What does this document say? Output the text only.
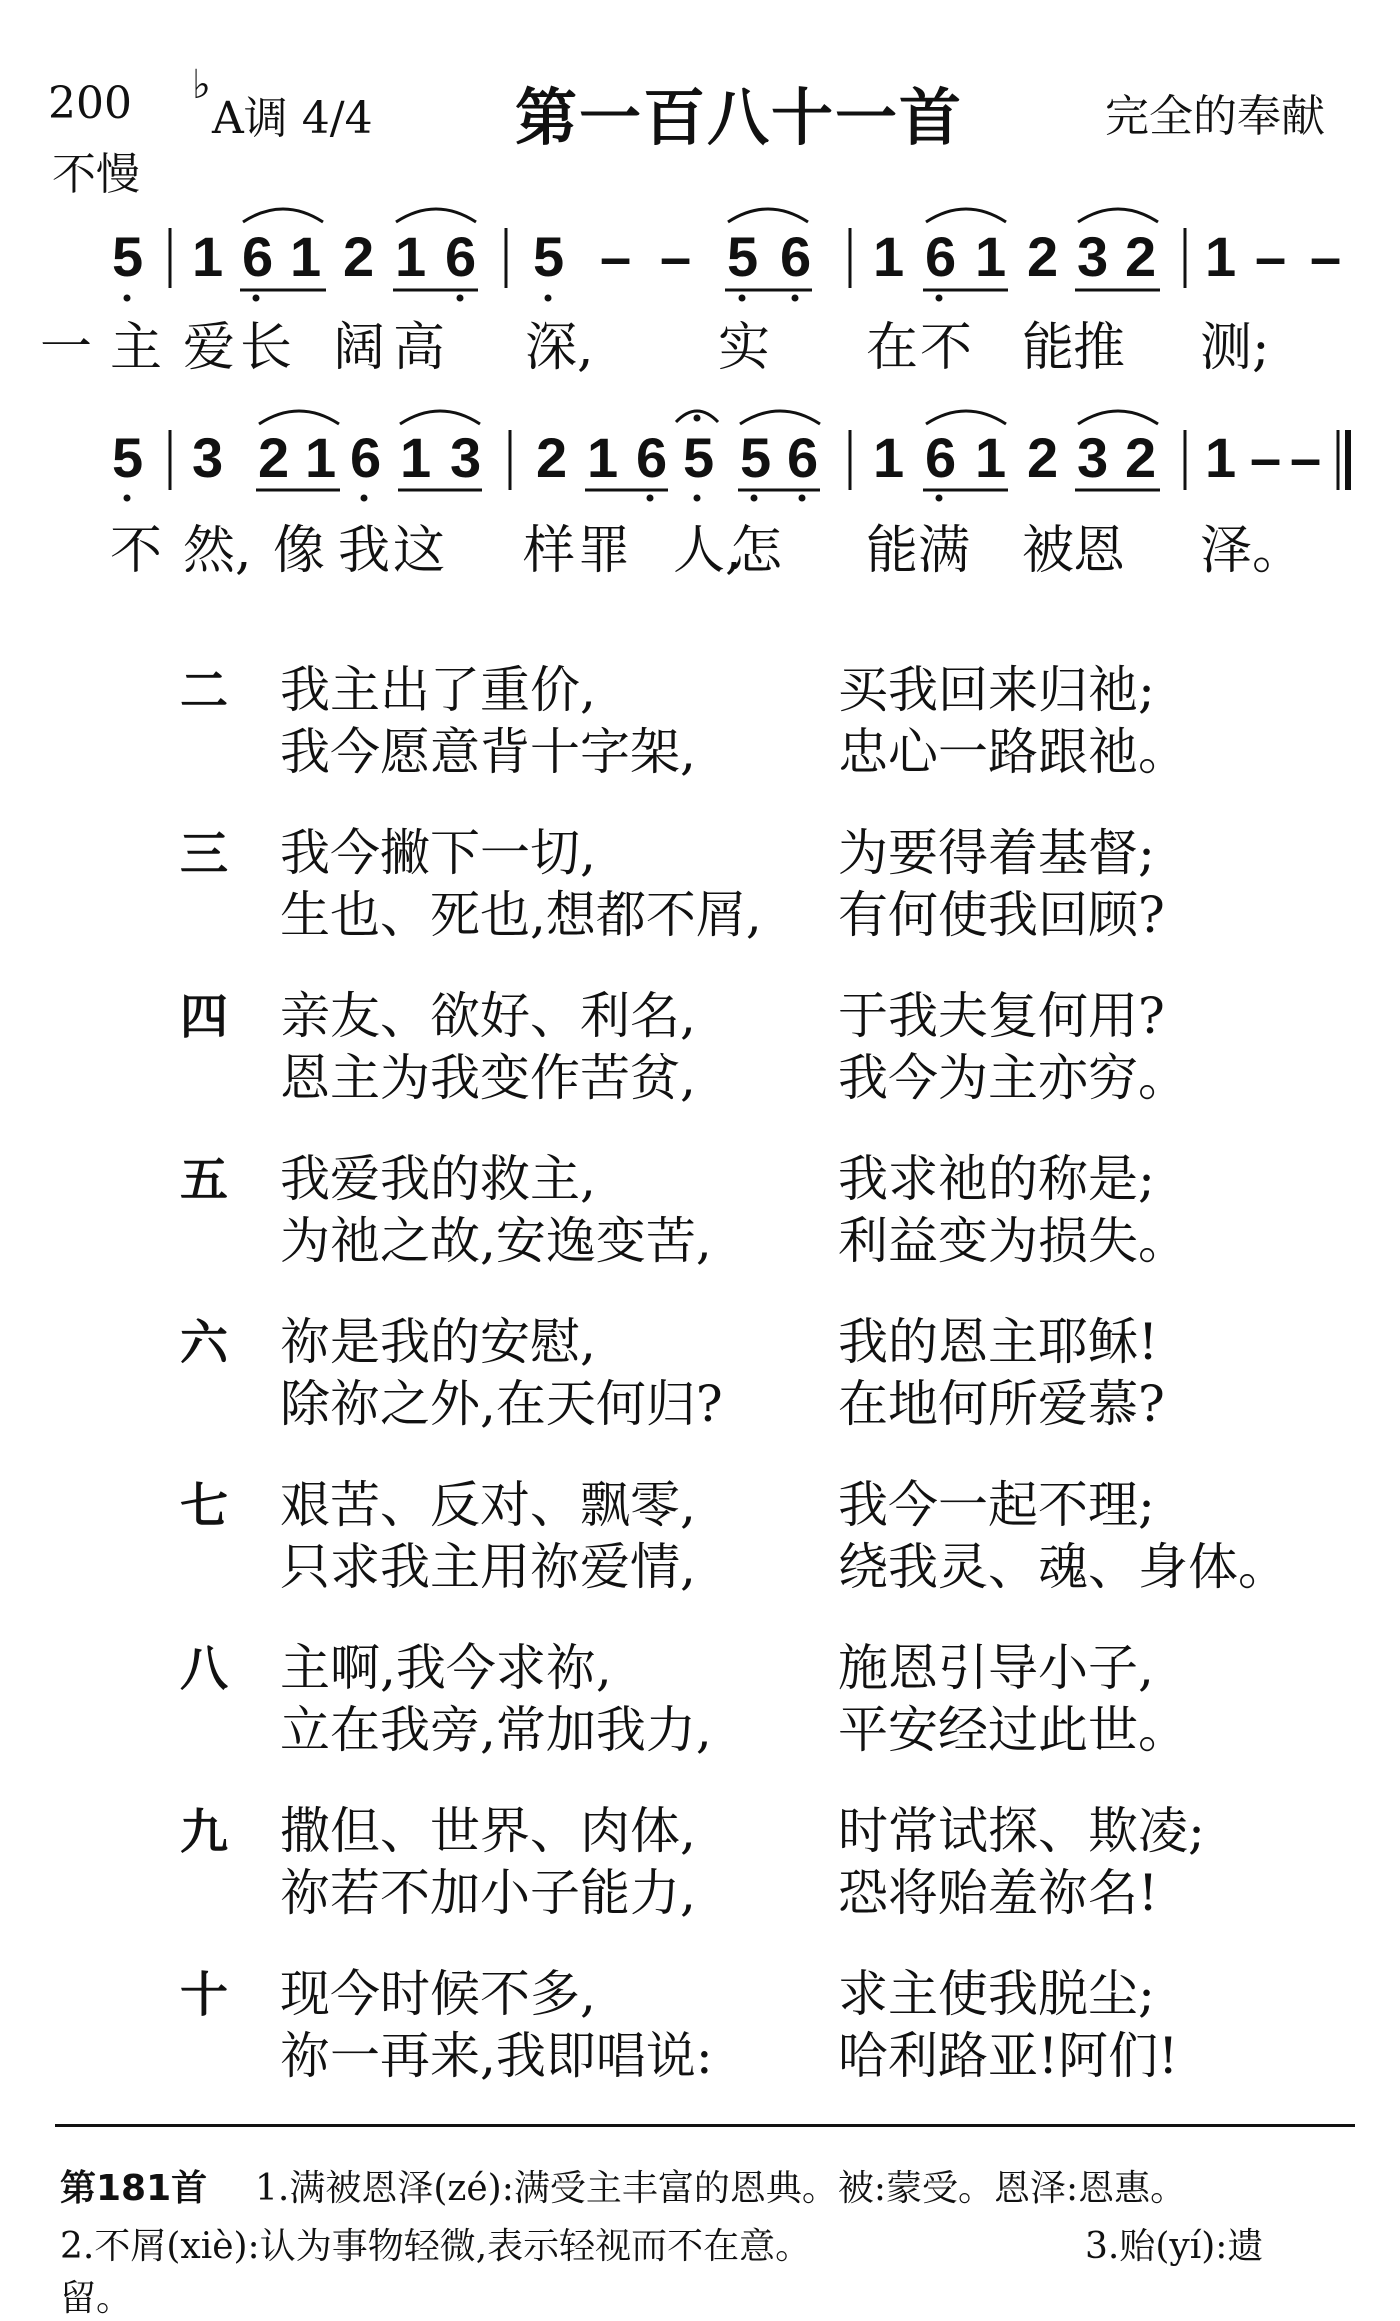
200 ♭
A调 4/4
不慢
第一百八十一首	完全的奉献
5 1 6 1 2 1 6 5 – – 5 6 1 6 1 2 3 2 1 – –
一 主 爱 长 阔 高 深, 实 在 不 能
推 测;
5 3 2 1 6 1 3 2 1 6 5 5 6 1 6 1 2 3 2 1 – –
不 然, 像 我 这 样 罪 人,
怎 能 满 被
恩 泽。
二 我主出了重价,
我今愿意背十字架,
买我回来归祂;
忠心一路跟祂。
三 我今撇下一切,
生也、死也,想都不屑,
为要得着基督;
有何使我回顾?
四 亲友、欲好、利名,
恩主为我变作苦贫,
于我夫复何用?
我今为主亦穷。
五 我爱我的救主,
为祂之故,安逸变苦,
我求祂的称是;
利益变为损失。
六 祢是我的安慰,
除祢之外,在天何归?
我的恩主耶稣!
在地何所爱慕?
七 艰苦、反对、飘零,
只求我主用祢爱情,
我今一起不理;
绕我灵、魂、身体。
八 主啊,我今求祢,
立在我旁,常加我力,
施恩引导小子,
平安经过此世。
九 撒但、世界、肉体,
祢若不加小子能力,
时常试探、欺凌;
恐将贻羞祢名!
十 现今时候不多,
祢一再来,我即唱说:
求主使我脱尘;
哈利路亚!阿们!
第181首 1.满被恩泽(zé):满受主丰富的恩典。被:蒙受。恩泽:恩惠。
2.不屑(xiè):认为事物轻微,表示轻视而不在意。	3.贻(yí):遗
留。
